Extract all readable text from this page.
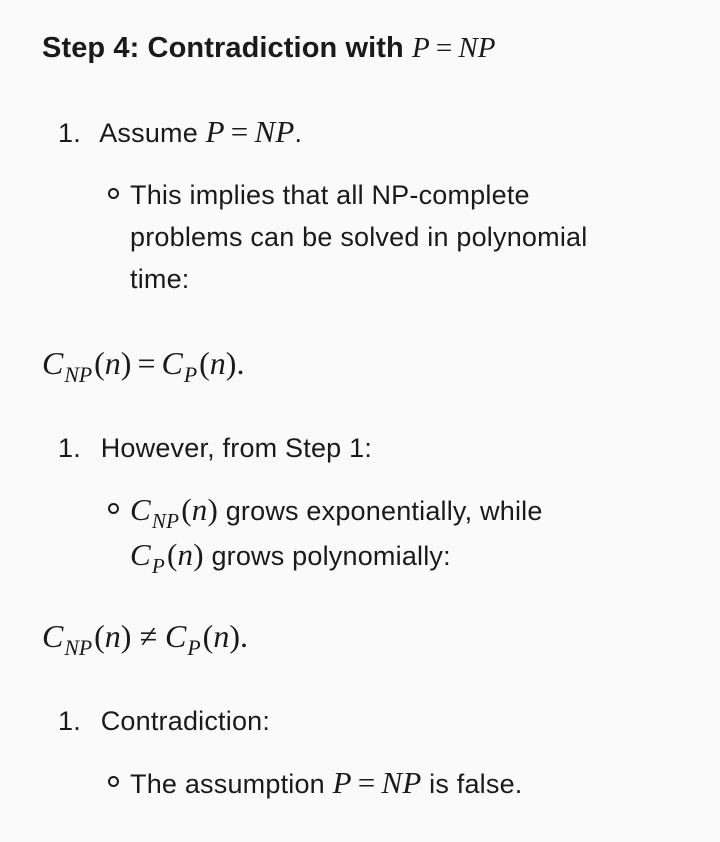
Step 4: Contradiction with P = NP
1. Assume P = NP.
This implies that all NP-complete problems can be solved in polynomial time:
$C_{NP}(n) = C_P(n)$.
1. However, from Step 1:
$C_{NP}(n)$ grows exponentially, while
$C_P(n)$ grows polynomially:
$C_{NP}(n) \ne C_P(n)$.
1. Contradiction:
The assumption P = NP is false.
